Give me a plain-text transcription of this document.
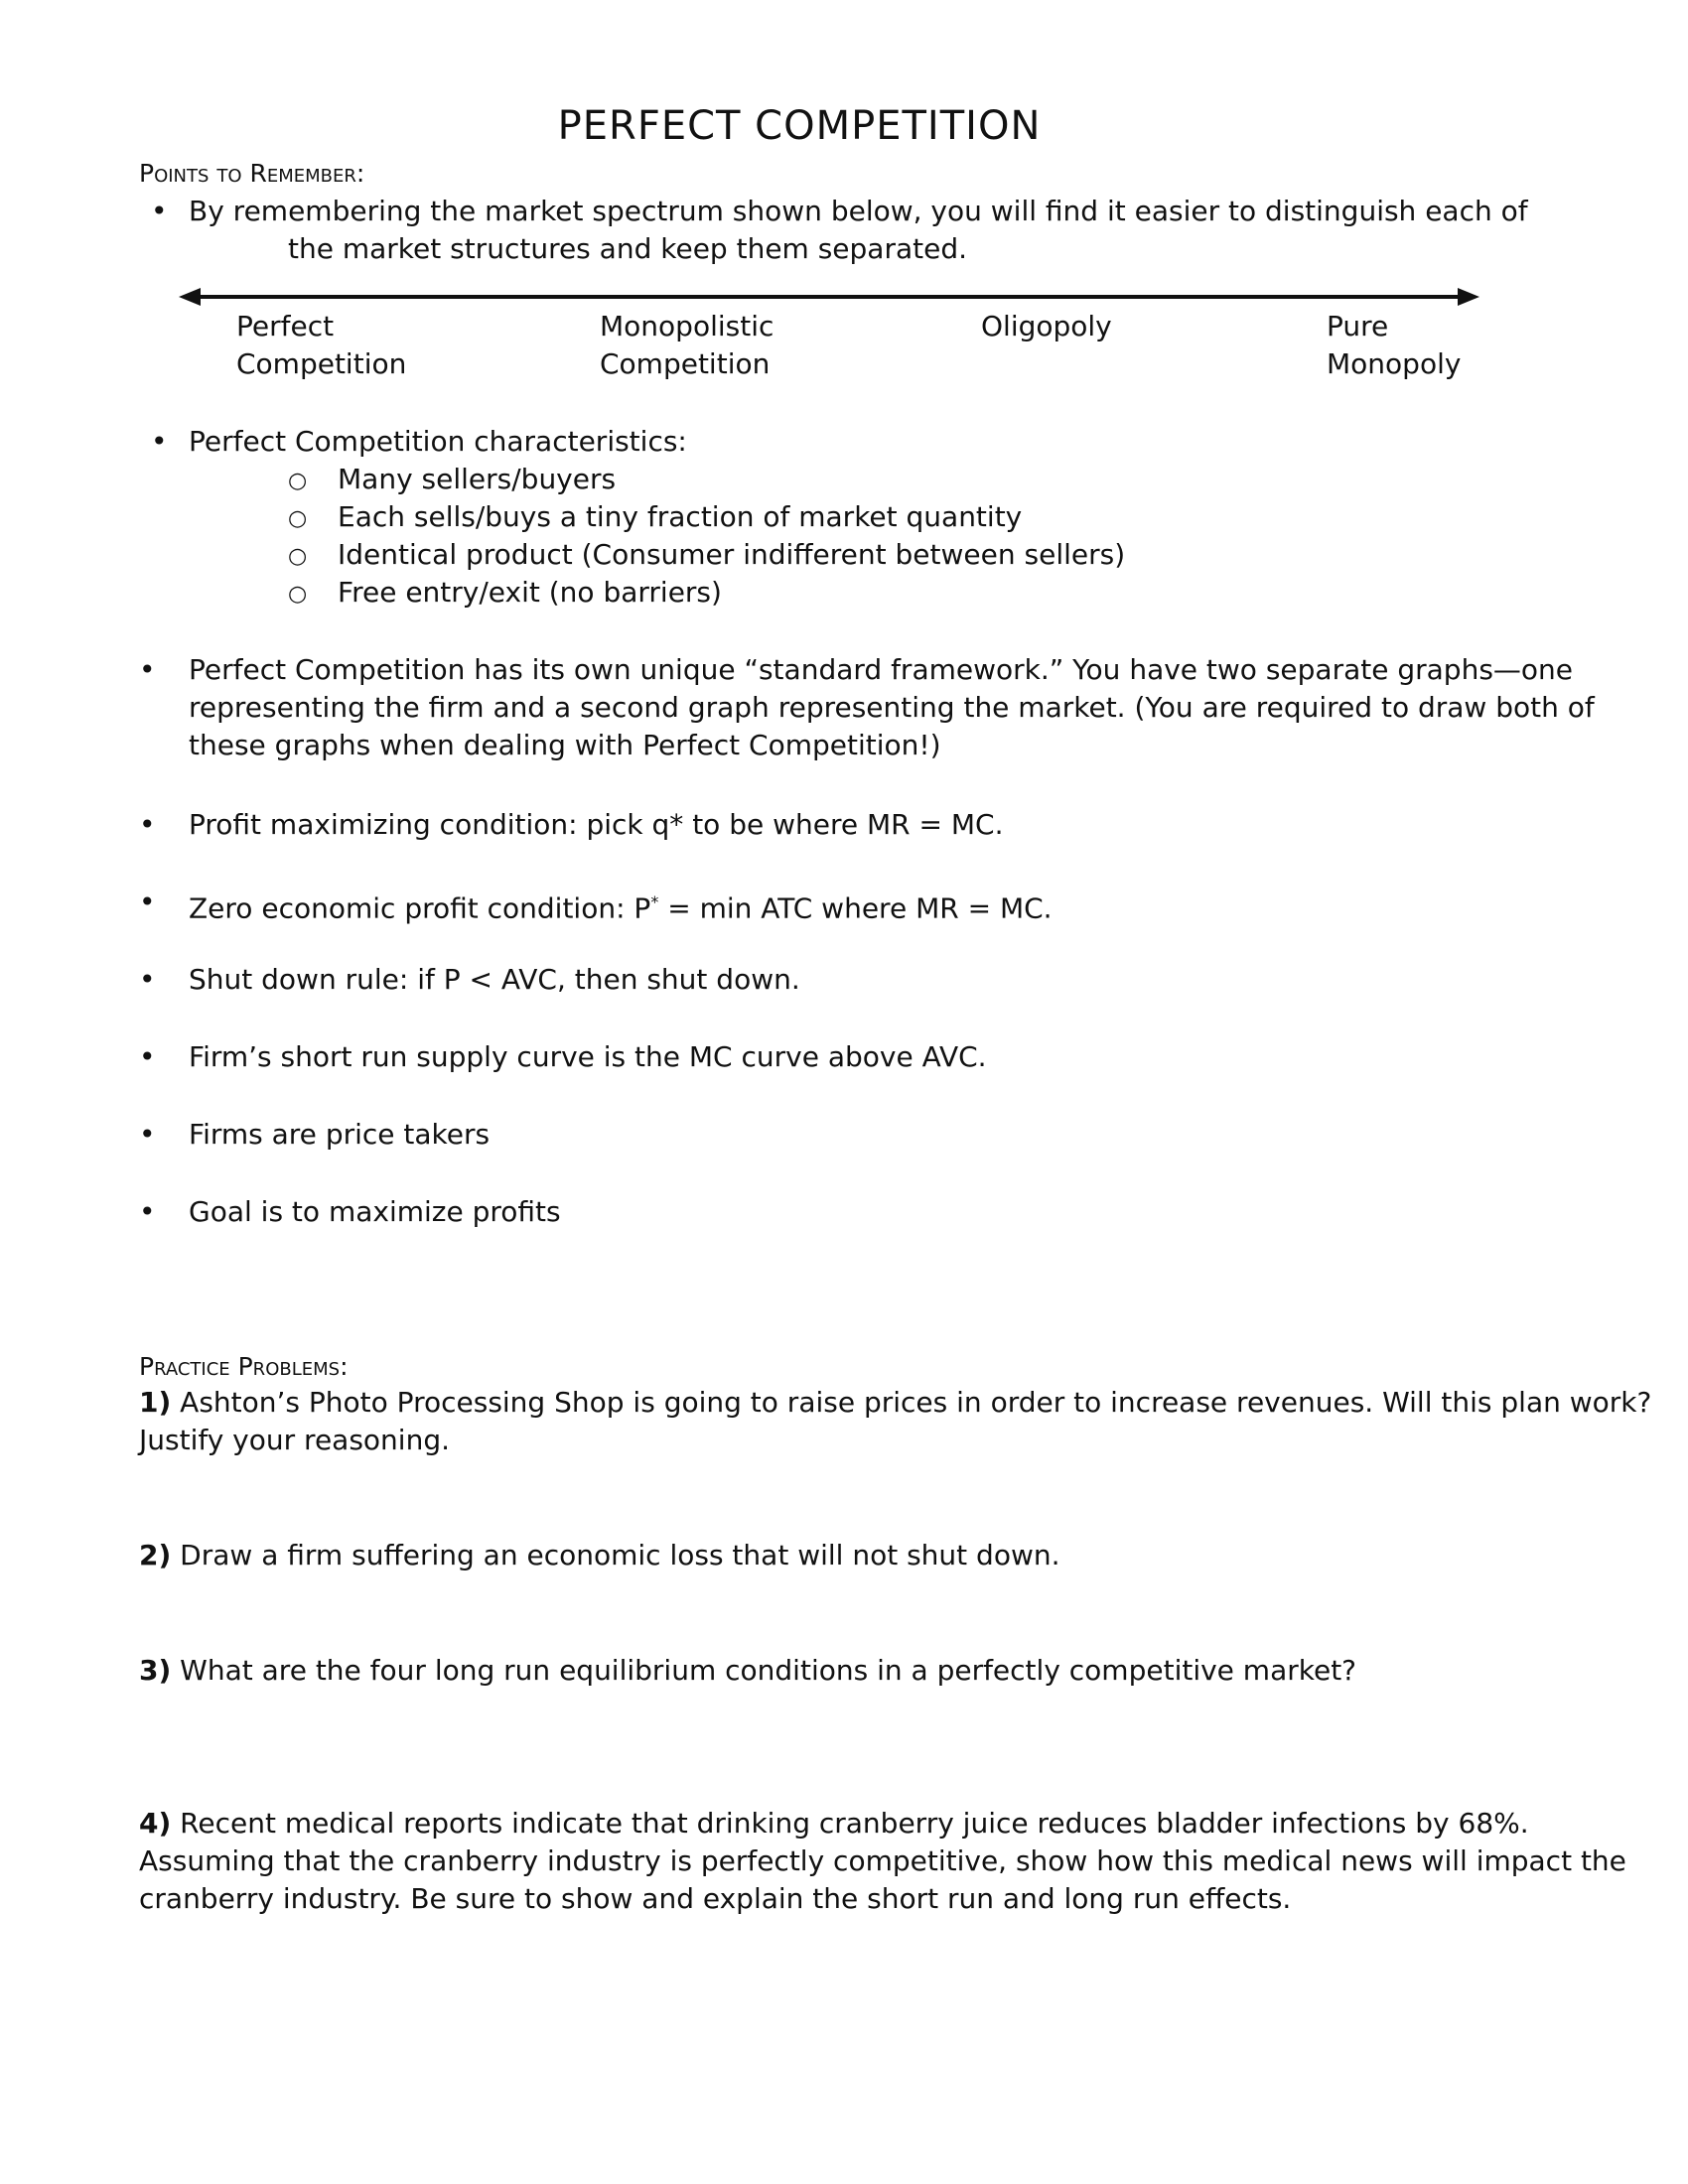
PERFECT COMPETITION
Points to Remember:
• By remembering the market spectrum shown below, you will find it easier to distinguish each of
the market structures and keep them separated.
Perfect
Competition
Monopolistic
Competition
Oligopoly	Pure
Monopoly
• Perfect Competition characteristics:
○ Many sellers/buyers
○ Each sells/buys a tiny fraction of market quantity
○ Identical product (Consumer indifferent between sellers)
○ Free entry/exit (no barriers)
• Perfect Competition has its own unique “standard framework.” You have two separate graphs—one
representing the firm and a second graph representing the market. (You are required to draw both of
these graphs when dealing with Perfect Competition!)
• Profit maximizing condition: pick q* to be where MR = MC.
• Zero economic profit condition: P* = min ATC where MR = MC.
• Shut down rule: if P < AVC, then shut down.
• Firm’s short run supply curve is the MC curve above AVC.
• Firms are price takers
• Goal is to maximize profits
Practice Problems:
1) Ashton’s Photo Processing Shop is going to raise prices in order to increase revenues. Will this plan work?
Justify your reasoning.
2) Draw a firm suffering an economic loss that will not shut down.
3) What are the four long run equilibrium conditions in a perfectly competitive market?
4) Recent medical reports indicate that drinking cranberry juice reduces bladder infections by 68%.
Assuming that the cranberry industry is perfectly competitive, show how this medical news will impact the
cranberry industry. Be sure to show and explain the short run and long run effects.
